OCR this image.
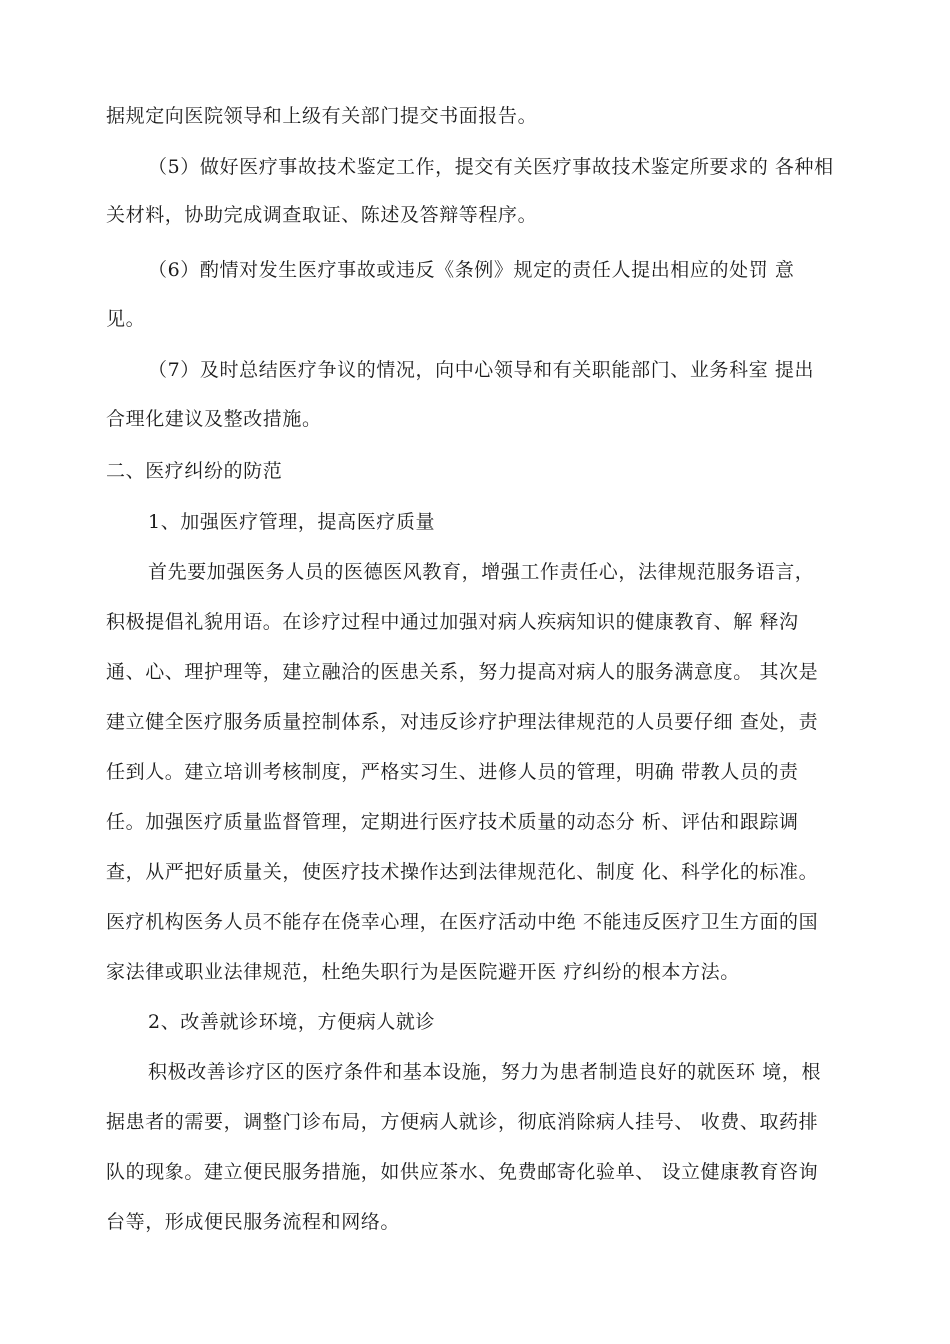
据规定向医院领导和上级有关部门提交书面报告。
（5）做好医疗事故技术鉴定工作，提交有关医疗事故技术鉴定所要求的 各种相
关材料，协助完成调查取证、陈述及答辩等程序。
（6）酌情对发生医疗事故或违反《条例》规定的责任人提出相应的处罚 意
见。
（7）及时总结医疗争议的情况，向中心领导和有关职能部门、业务科室 提出
合理化建议及整改措施。
二、医疗纠纷的防范
1、加强医疗管理，提高医疗质量
首先要加强医务人员的医德医风教育，增强工作责任心，法律规范服务语言，
积极提倡礼貌用语。在诊疗过程中通过加强对病人疾病知识的健康教育、解 释沟
通、心、理护理等，建立融洽的医患关系，努力提高对病人的服务满意度。 其次是
建立健全医疗服务质量控制体系，对违反诊疗护理法律规范的人员要仔细 查处，责
任到人。建立培训考核制度，严格实习生、进修人员的管理，明确 带教人员的责
任。加强医疗质量监督管理，定期进行医疗技术质量的动态分 析、评估和跟踪调
查，从严把好质量关，使医疗技术操作达到法律规范化、制度 化、科学化的标准。
医疗机构医务人员不能存在侥幸心理，在医疗活动中绝 不能违反医疗卫生方面的国
家法律或职业法律规范，杜绝失职行为是医院避开医 疗纠纷的根本方法。
2、改善就诊环境，方便病人就诊
积极改善诊疗区的医疗条件和基本设施，努力为患者制造良好的就医环 境，根
据患者的需要，调整门诊布局，方便病人就诊，彻底消除病人挂号、 收费、取药排
队的现象。建立便民服务措施，如供应茶水、免费邮寄化验单、 设立健康教育咨询
台等，形成便民服务流程和网络。
